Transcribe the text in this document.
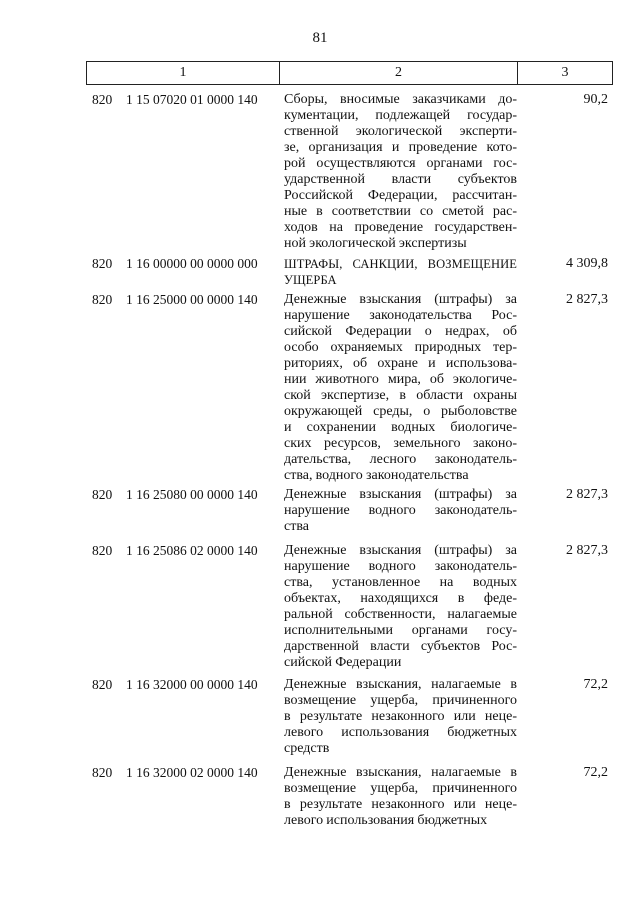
81
1	2	3
820 1 15 07020 01 0000 140	Сборы, вносимые заказчиками до-
кументации, подлежащей государ-
ственной экологической эксперти-
зе, организация и проведение кото-
рой осуществляются органами гос-
ударственной власти субъектов
Российской Федерации, рассчитан-
ные в соответствии со сметой рас-
ходов на проведение государствен-
ной экологической экспертизы
90,2
820 1 16 00000 00 0000 000	ШТРАФЫ, САНКЦИИ, ВОЗМЕЩЕНИЕ
УЩЕРБА
4 309,8
820 1 16 25000 00 0000 140	Денежные взыскания (штрафы) за
нарушение законодательства Рос-
сийской Федерации о недрах, об
особо охраняемых природных тер-
риториях, об охране и использова-
нии животного мира, об экологиче-
ской экспертизе, в области охраны
окружающей среды, о рыболовстве
и сохранении водных биологиче-
ских ресурсов, земельного законо-
дательства, лесного законодатель-
ства, водного законодательства
2 827,3
820 1 16 25080 00 0000 140	Денежные взыскания (штрафы) за
нарушение водного законодатель-
ства
2 827,3
820 1 16 25086 02 0000 140	Денежные взыскания (штрафы) за
нарушение водного законодатель-
ства, установленное на водных
объектах, находящихся в феде-
ральной собственности, налагаемые
исполнительными органами госу-
дарственной власти субъектов Рос-
сийской Федерации
2 827,3
820 1 16 32000 00 0000 140	Денежные взыскания, налагаемые в
возмещение ущерба, причиненного
в результате незаконного или неце-
левого использования бюджетных
средств
72,2
820 1 16 32000 02 0000 140	Денежные взыскания, налагаемые в
возмещение ущерба, причиненного
в результате незаконного или неце-
левого использования бюджетных
72,2
